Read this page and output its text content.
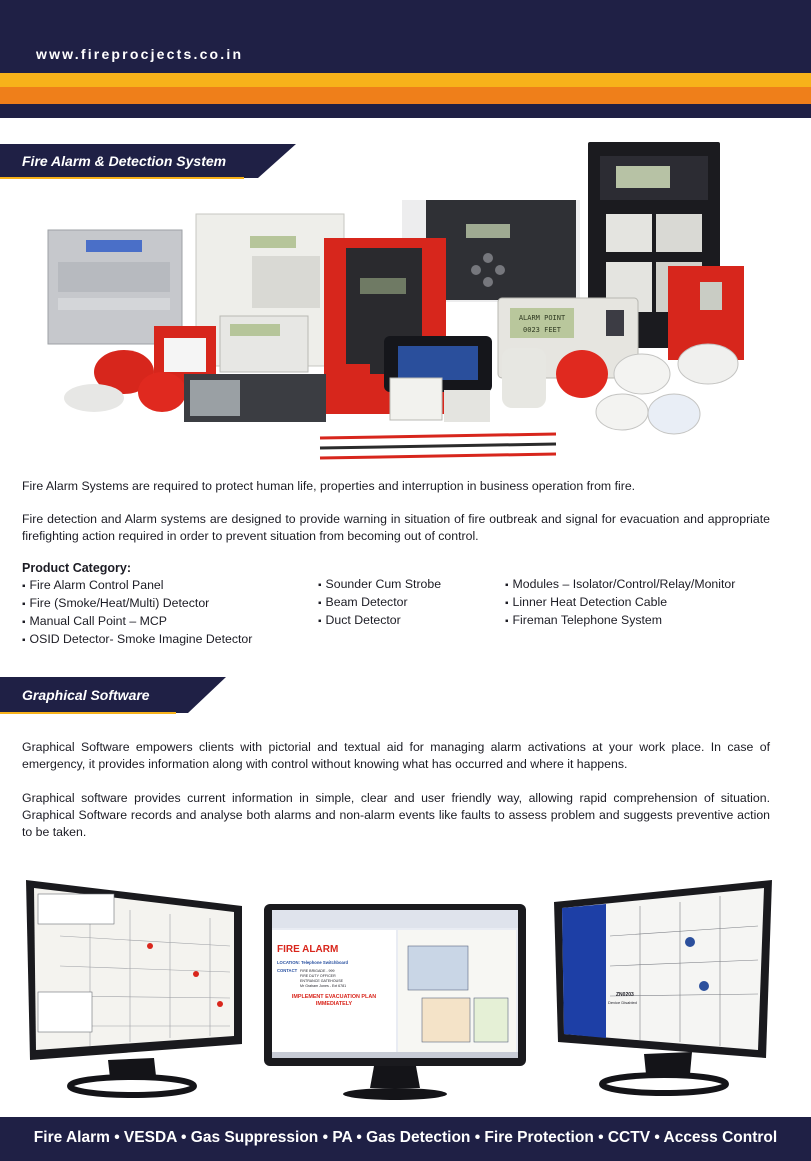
www.fireprocjects.co.in
Fire Alarm & Detection System
ALARM POINT
0023 FEET

Fire Alarm Systems are required to protect human life, properties and interruption in business operation from fire.

Fire detection and Alarm systems are designed to provide warning in situation of fire outbreak and signal for evacuation and appropriate firefighting action required in order to prevent situation from becoming out of control.

Product Category:
▪ Fire Alarm Control Panel
▪ Fire (Smoke/Heat/Multi) Detector
▪ Manual Call Point – MCP
▪ OSID Detector- Smoke Imagine Detector
▪ Sounder Cum Strobe
▪ Beam Detector
▪ Duct Detector
▪ Modules – Isolator/Control/Relay/Monitor
▪ Linner Heat Detection Cable
▪ Fireman Telephone System
Graphical Software

Graphical Software empowers clients with pictorial and textual aid for managing alarm activations at your work place. In case of emergency, it provides information along with control without knowing what has occurred and where it happens.

Graphical software provides current information in simple, clear and user friendly way, allowing rapid comprehension of situation. Graphical Software records and analyse both alarms and non-alarm events like faults to assess problem and suggests preventive action to be taken.

FIRE ALARM
LOCATION: Telephone Switchboard
CONTACT FIRE BRIGADE - 999
FIRE DUTY OFFICER
ENTRANCE GATEHOUSE
Mr Graham Jones - Ext 6781
IMPLEMENT EVACUATION PLAN
IMMEDIATELY
ZN0203
Device Disabled
Fire Alarm • VESDA • Gas Suppression • PA • Gas Detection • Fire Protection • CCTV • Access Control
